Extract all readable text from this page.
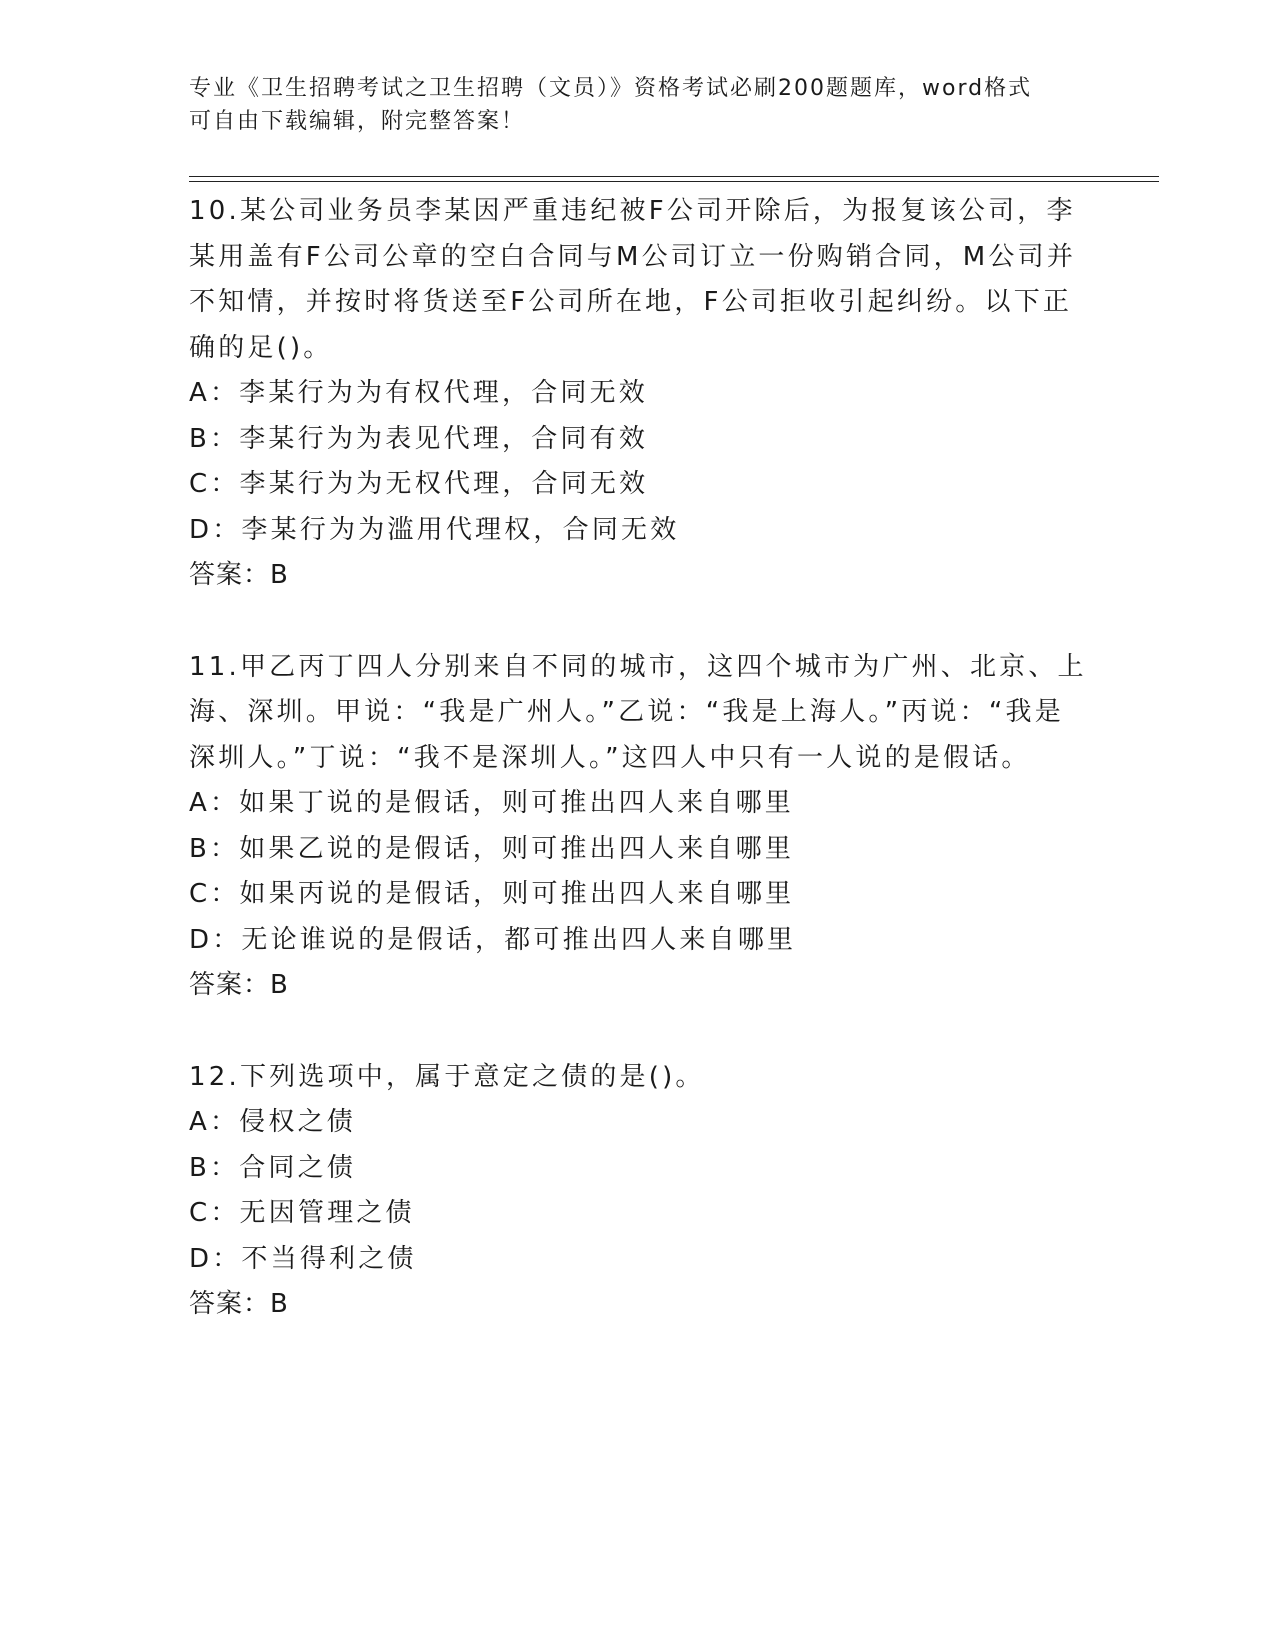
专业《卫生招聘考试之卫生招聘（文员）》资格考试必刷200题题库，word格式
可自由下载编辑，附完整答案！

10.某公司业务员李某因严重违纪被F公司开除后，为报复该公司，李某用盖有F公司公章的空白合同与M公司订立一份购销合同，M公司并不知情，并按时将货送至F公司所在地，F公司拒收引起纠纷。以下正确的足()。

A：李某行为为有权代理，合同无效

B：李某行为为表见代理，合同有效

C：李某行为为无权代理，合同无效

D：李某行为为滥用代理权，合同无效

答案：B

11.甲乙丙丁四人分别来自不同的城市，这四个城市为广州、北京、上海、深圳。甲说：“我是广州人。”乙说：“我是上海人。”丙说：“我是深圳人。”丁说：“我不是深圳人。”这四人中只有一人说的是假话。

A：如果丁说的是假话，则可推出四人来自哪里

B：如果乙说的是假话，则可推出四人来自哪里

C：如果丙说的是假话，则可推出四人来自哪里

D：无论谁说的是假话，都可推出四人来自哪里

答案：B

12.下列选项中，属于意定之债的是()。

A：侵权之债

B：合同之债

C：无因管理之债

D：不当得利之债

答案：B
